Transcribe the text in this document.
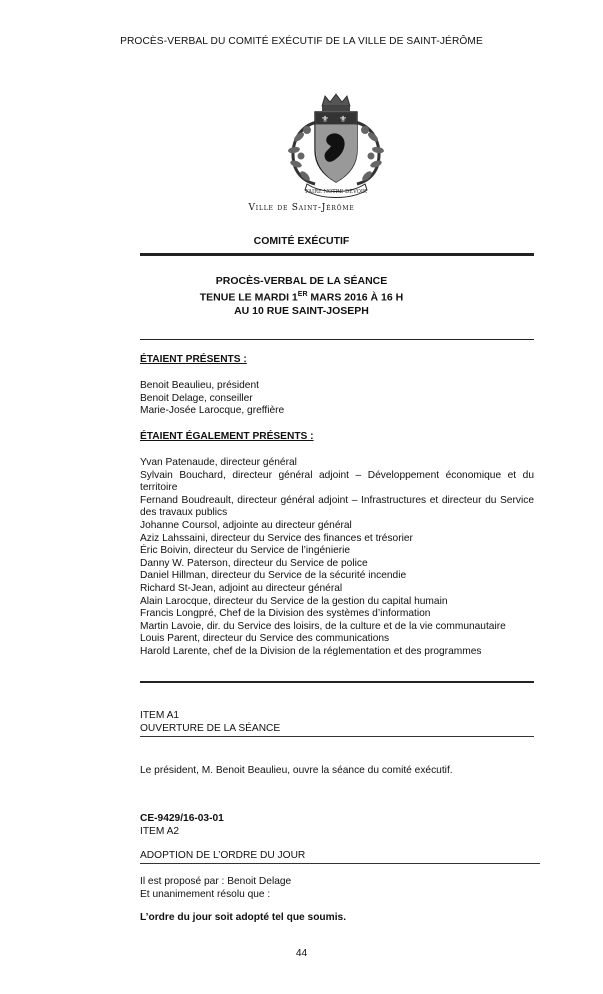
PROCÈS-VERBAL DU COMITÉ EXÉCUTIF DE LA VILLE DE SAINT-JÉRÔME
⚜ ⚜
FAIRE NOTRE DEVOIR
Ville de Saint-Jérôme
COMITÉ EXÉCUTIF
PROCÈS-VERBAL DE LA SÉANCE
TENUE LE MARDI 1ER MARS 2016 À 16 H
AU 10 RUE SAINT-JOSEPH
ÉTAIENT PRÉSENTS :
Benoit Beaulieu, président
Benoit Delage, conseiller
Marie-Josée Larocque, greffière
ÉTAIENT ÉGALEMENT PRÉSENTS :
Yvan Patenaude, directeur général
Sylvain Bouchard, directeur général adjoint – Développement économique et du territoire
Fernand Boudreault, directeur général adjoint – Infrastructures et directeur du Service des travaux publics
Johanne Coursol, adjointe au directeur général
Aziz Lahssaini, directeur du Service des finances et trésorier
Éric Boivin, directeur du Service de l’ingénierie
Danny W. Paterson, directeur du Service de police
Daniel Hillman, directeur du Service de la sécurité incendie
Richard St-Jean, adjoint au directeur général
Alain Larocque, directeur du Service de la gestion du capital humain
Francis Longpré, Chef de la Division des systèmes d’information
Martin Lavoie, dir. du Service des loisirs, de la culture et de la vie communautaire
Louis Parent, directeur du Service des communications
Harold Larente, chef de la Division de la réglementation et des programmes
ITEM A1
OUVERTURE DE LA SÉANCE
Le président, M. Benoit Beaulieu, ouvre la séance du comité exécutif.
CE-9429/16-03-01
ITEM A2
ADOPTION DE L’ORDRE DU JOUR
Il est proposé par : Benoit Delage
Et unanimement résolu que :
L’ordre du jour soit adopté tel que soumis.
44
